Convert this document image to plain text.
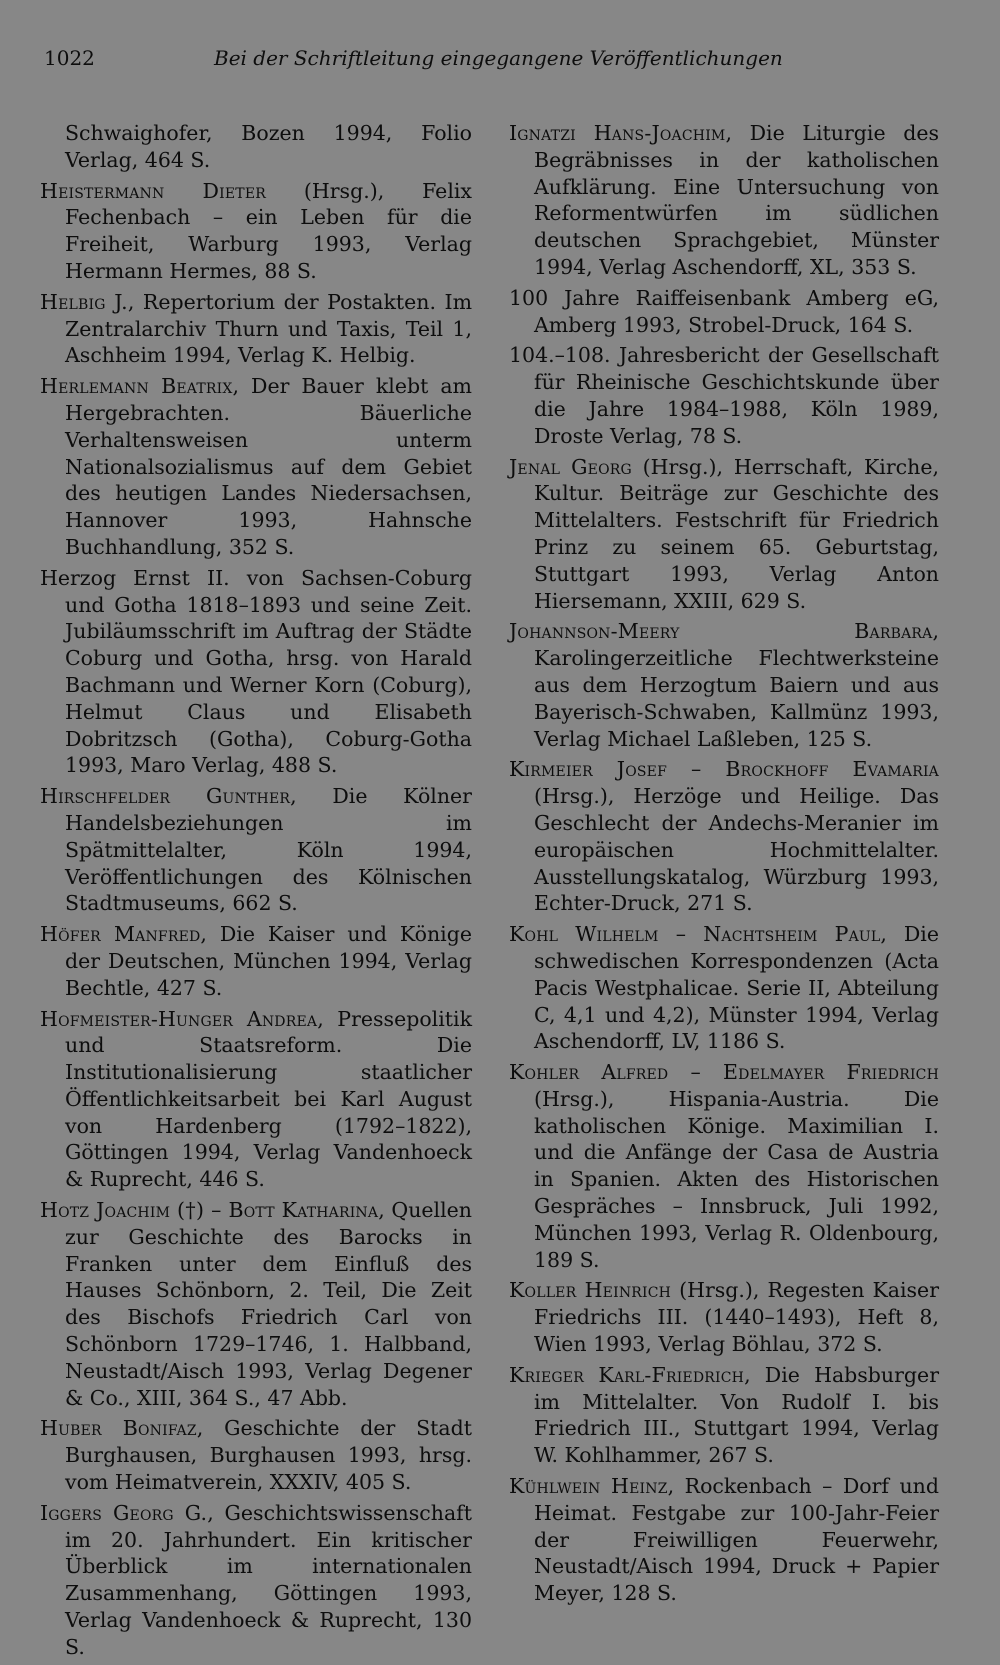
1022	Bei der Schriftleitung eingegangene Veröffentlichungen

Schwaighofer, Bozen 1994, Folio Verlag, 464 S.

Heistermann Dieter (Hrsg.), Felix Fechenbach – ein Leben für die Freiheit, Warburg 1993, Verlag Hermann Hermes, 88 S.

Helbig J., Repertorium der Postakten. Im Zentralarchiv Thurn und Taxis, Teil 1, Aschheim 1994, Verlag K. Helbig.

Herlemann Beatrix, Der Bauer klebt am Hergebrachten. Bäuerliche Verhaltensweisen unterm Nationalsozialismus auf dem Gebiet des heutigen Landes Niedersachsen, Hannover 1993, Hahnsche Buchhandlung, 352 S.

Herzog Ernst II. von Sachsen-Coburg und Gotha 1818–1893 und seine Zeit. Jubiläumsschrift im Auftrag der Städte Coburg und Gotha, hrsg. von Harald Bachmann und Werner Korn (Coburg), Helmut Claus und Elisabeth Dobritzsch (Gotha), Coburg-Gotha 1993, Maro Verlag, 488 S.

Hirschfelder Gunther, Die Kölner Handelsbeziehungen im Spätmittelalter, Köln 1994, Veröffentlichungen des Kölnischen Stadtmuseums, 662 S.

Höfer Manfred, Die Kaiser und Könige der Deutschen, München 1994, Verlag Bechtle, 427 S.

Hofmeister-Hunger Andrea, Pressepolitik und Staatsreform. Die Institutionalisierung staatlicher Öffentlichkeitsarbeit bei Karl August von Hardenberg (1792–1822), Göttingen 1994, Verlag Vandenhoeck & Ruprecht, 446 S.

Hotz Joachim (†) – Bott Katharina, Quellen zur Geschichte des Barocks in Franken unter dem Einfluß des Hauses Schönborn, 2. Teil, Die Zeit des Bischofs Friedrich Carl von Schönborn 1729–1746, 1. Halbband, Neustadt/Aisch 1993, Verlag Degener & Co., XIII, 364 S., 47 Abb.

Huber Bonifaz, Geschichte der Stadt Burghausen, Burghausen 1993, hrsg. vom Heimatverein, XXXIV, 405 S.

Iggers Georg G., Geschichtswissenschaft im 20. Jahrhundert. Ein kritischer Überblick im internationalen Zusammenhang, Göttingen 1993, Verlag Vandenhoeck & Ruprecht, 130 S.

Ignatzi Hans-Joachim, Die Liturgie des Begräbnisses in der katholischen Aufklärung. Eine Untersuchung von Reformentwürfen im südlichen deutschen Sprachgebiet, Münster 1994, Verlag Aschendorff, XL, 353 S.

100 Jahre Raiffeisenbank Amberg eG, Amberg 1993, Strobel-Druck, 164 S.

104.–108. Jahresbericht der Gesellschaft für Rheinische Geschichtskunde über die Jahre 1984–1988, Köln 1989, Droste Verlag, 78 S.

Jenal Georg (Hrsg.), Herrschaft, Kirche, Kultur. Beiträge zur Geschichte des Mittelalters. Festschrift für Friedrich Prinz zu seinem 65. Geburtstag, Stuttgart 1993, Verlag Anton Hiersemann, XXIII, 629 S.

Johannson-Meery Barbara, Karolingerzeitliche Flechtwerksteine aus dem Herzogtum Baiern und aus Bayerisch-Schwaben, Kallmünz 1993, Verlag Michael Laßleben, 125 S.

Kirmeier Josef – Brockhoff Evamaria (Hrsg.), Herzöge und Heilige. Das Geschlecht der Andechs-Meranier im europäischen Hochmittelalter. Ausstellungskatalog, Würzburg 1993, Echter-Druck, 271 S.

Kohl Wilhelm – Nachtsheim Paul, Die schwedischen Korrespondenzen (Acta Pacis Westphalicae. Serie II, Abteilung C, 4,1 und 4,2), Münster 1994, Verlag Aschendorff, LV, 1186 S.

Kohler Alfred – Edelmayer Friedrich (Hrsg.), Hispania-Austria. Die katholischen Könige. Maximilian I. und die Anfänge der Casa de Austria in Spanien. Akten des Historischen Gespräches – Innsbruck, Juli 1992, München 1993, Verlag R. Oldenbourg, 189 S.

Koller Heinrich (Hrsg.), Regesten Kaiser Friedrichs III. (1440–1493), Heft 8, Wien 1993, Verlag Böhlau, 372 S.

Krieger Karl-Friedrich, Die Habsburger im Mittelalter. Von Rudolf I. bis Friedrich III., Stuttgart 1994, Verlag W. Kohlhammer, 267 S.

Kühlwein Heinz, Rockenbach – Dorf und Heimat. Festgabe zur 100-Jahr-Feier der Freiwilligen Feuerwehr, Neustadt/Aisch 1994, Druck + Papier Meyer, 128 S.
